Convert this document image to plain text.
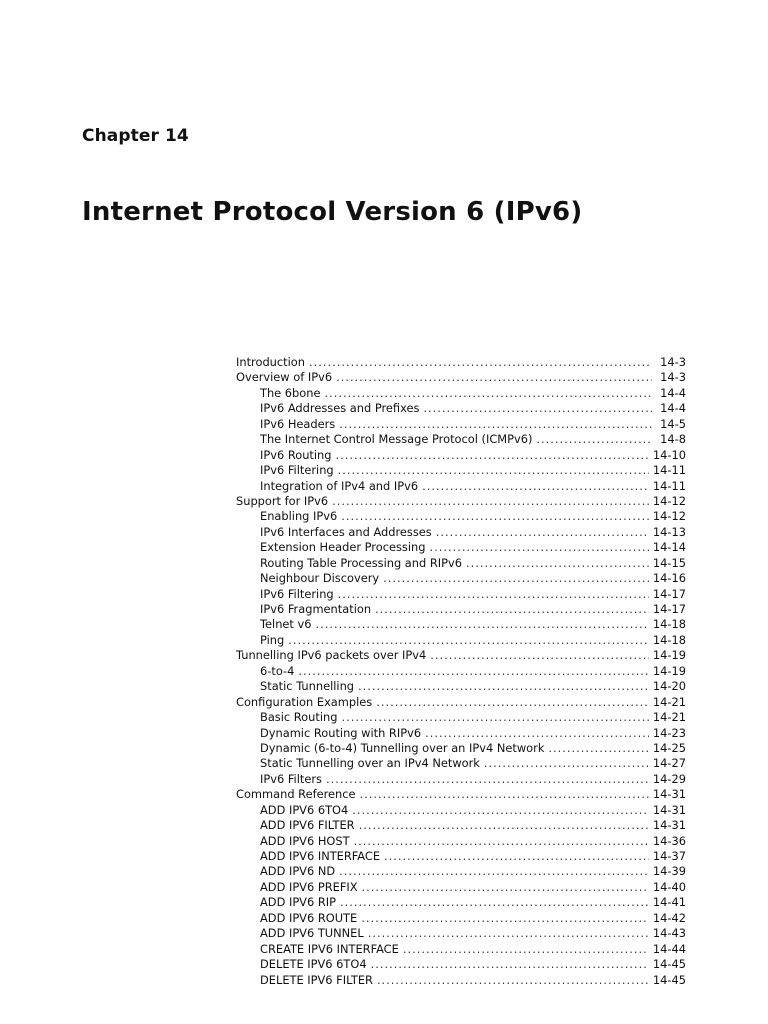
Chapter 14
Internet Protocol Version 6 (IPv6)
Introduction .....	14-3
Overview of IPv6 .....	14-3
The 6bone .....	14-4
IPv6 Addresses and Prefixes .....	14-4
IPv6 Headers .....	14-5
The Internet Control Message Protocol (ICMPv6) .....	14-8
IPv6 Routing .....	14-10
IPv6 Filtering .....	14-11
Integration of IPv4 and IPv6 .....	14-11
Support for IPv6 .....	14-12
Enabling IPv6 .....	14-12
IPv6 Interfaces and Addresses .....	14-13
Extension Header Processing .....	14-14
Routing Table Processing and RIPv6 .....	14-15
Neighbour Discovery .....	14-16
IPv6 Filtering .....	14-17
IPv6 Fragmentation .....	14-17
Telnet v6 .....	14-18
Ping .....	14-18
Tunnelling IPv6 packets over IPv4 .....	14-19
6-to-4 .....	14-19
Static Tunnelling .....	14-20
Configuration Examples .....	14-21
Basic Routing .....	14-21
Dynamic Routing with RIPv6 .....	14-23
Dynamic (6-to-4) Tunnelling over an IPv4 Network .....	14-25
Static Tunnelling over an IPv4 Network .....	14-27
IPv6 Filters .....	14-29
Command Reference .....	14-31
ADD IPV6 6TO4 .....	14-31
ADD IPV6 FILTER .....	14-31
ADD IPV6 HOST .....	14-36
ADD IPV6 INTERFACE .....	14-37
ADD IPV6 ND .....	14-39
ADD IPV6 PREFIX .....	14-40
ADD IPV6 RIP .....	14-41
ADD IPV6 ROUTE .....	14-42
ADD IPV6 TUNNEL .....	14-43
CREATE IPV6 INTERFACE .....	14-44
DELETE IPV6 6TO4 .....	14-45
DELETE IPV6 FILTER .....	14-45
